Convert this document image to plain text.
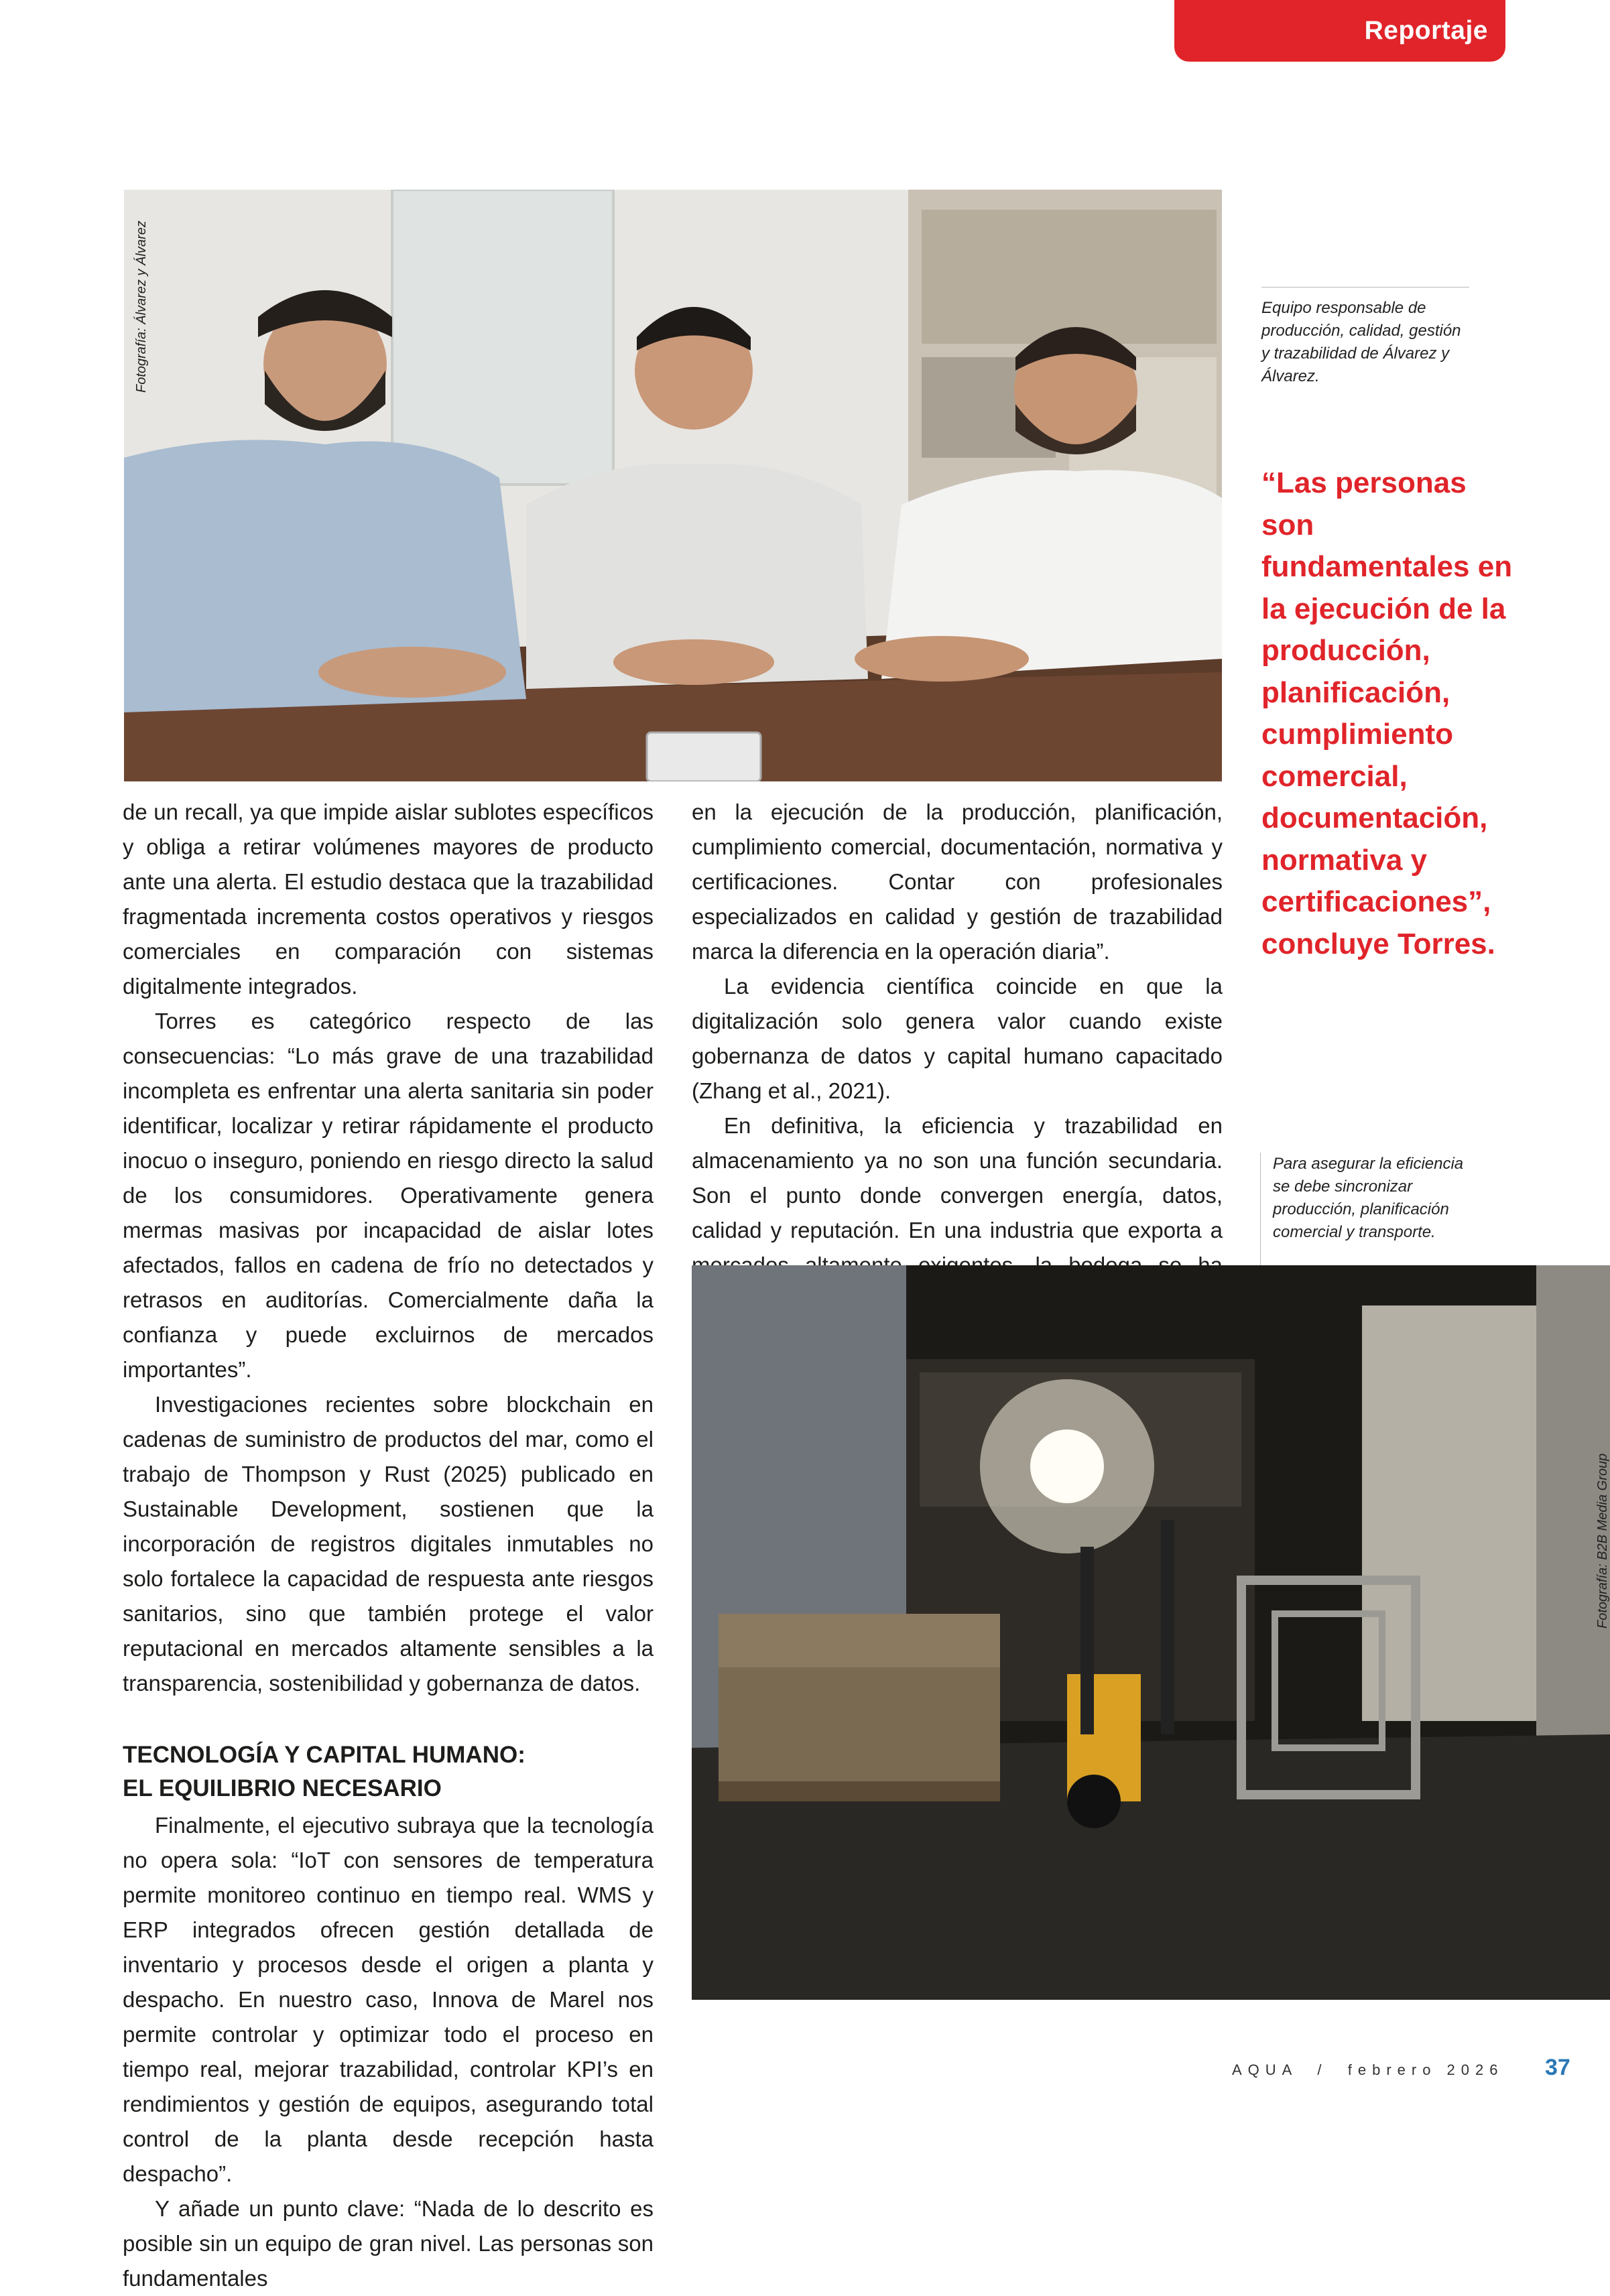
Reportaje
Fotografía: Álvarez y Álvarez	Equipo responsable de producción, calidad, gestión y trazabilidad de Álvarez y Álvarez.

“Las personas son fundamentales en la ejecución de la producción, planificación, cumplimiento comercial, documentación, normativa y certificaciones”, concluye Torres.

de un recall, ya que impide aislar sublotes específicos y obliga a retirar volúmenes mayores de producto ante una alerta. El estudio destaca que la trazabilidad fragmentada incrementa costos operativos y riesgos comerciales en comparación con sistemas digitalmente integrados.

Torres es categórico respecto de las consecuencias: “Lo más grave de una trazabilidad incompleta es enfrentar una alerta sanitaria sin poder identificar, localizar y retirar rápidamente el producto inocuo o inseguro, poniendo en riesgo directo la salud de los consumidores. Operativamente genera mermas masivas por incapacidad de aislar lotes afectados, fallos en cadena de frío no detectados y retrasos en auditorías. Comercialmente daña la confianza y puede excluirnos de mercados importantes”.

Investigaciones recientes sobre blockchain en cadenas de suministro de productos del mar, como el trabajo de Thompson y Rust (2025) publicado en Sustainable Development, sostienen que la incorporación de registros digitales inmutables no solo fortalece la capacidad de respuesta ante riesgos sanitarios, sino que también protege el valor reputacional en mercados altamente sensibles a la transparencia, sostenibilidad y gobernanza de datos.

TECNOLOGÍA Y CAPITAL HUMANO:
EL EQUILIBRIO NECESARIO

Finalmente, el ejecutivo subraya que la tecnología no opera sola: “IoT con sensores de temperatura permite monitoreo continuo en tiempo real. WMS y ERP integrados ofrecen gestión detallada de inventario y procesos desde el origen a planta y despacho. En nuestro caso, Innova de Marel nos permite controlar y optimizar todo el proceso en tiempo real, mejorar trazabilidad, controlar KPI’s en rendimientos y gestión de equipos, asegurando total control de la planta desde recepción hasta despacho”.

Y añade un punto clave: “Nada de lo descrito es posible sin un equipo de gran nivel. Las personas son fundamentales

en la ejecución de la producción, planificación, cumplimiento comercial, documentación, normativa y certificaciones. Contar con profesionales especializados en calidad y gestión de trazabilidad marca la diferencia en la operación diaria”.

La evidencia científica coincide en que la digitalización solo genera valor cuando existe gobernanza de datos y capital humano capacitado (Zhang et al., 2021).

En definitiva, la eficiencia y trazabilidad en almacenamiento ya no son una función secundaria. Son el punto donde convergen energía, datos, calidad y reputación. En una industria que exporta a

Para asegurar la eficiencia se debe sincronizar producción, planificación comercial y transporte.
Fotografía: B2B Media Group
AQUA / febrero 2026 37
